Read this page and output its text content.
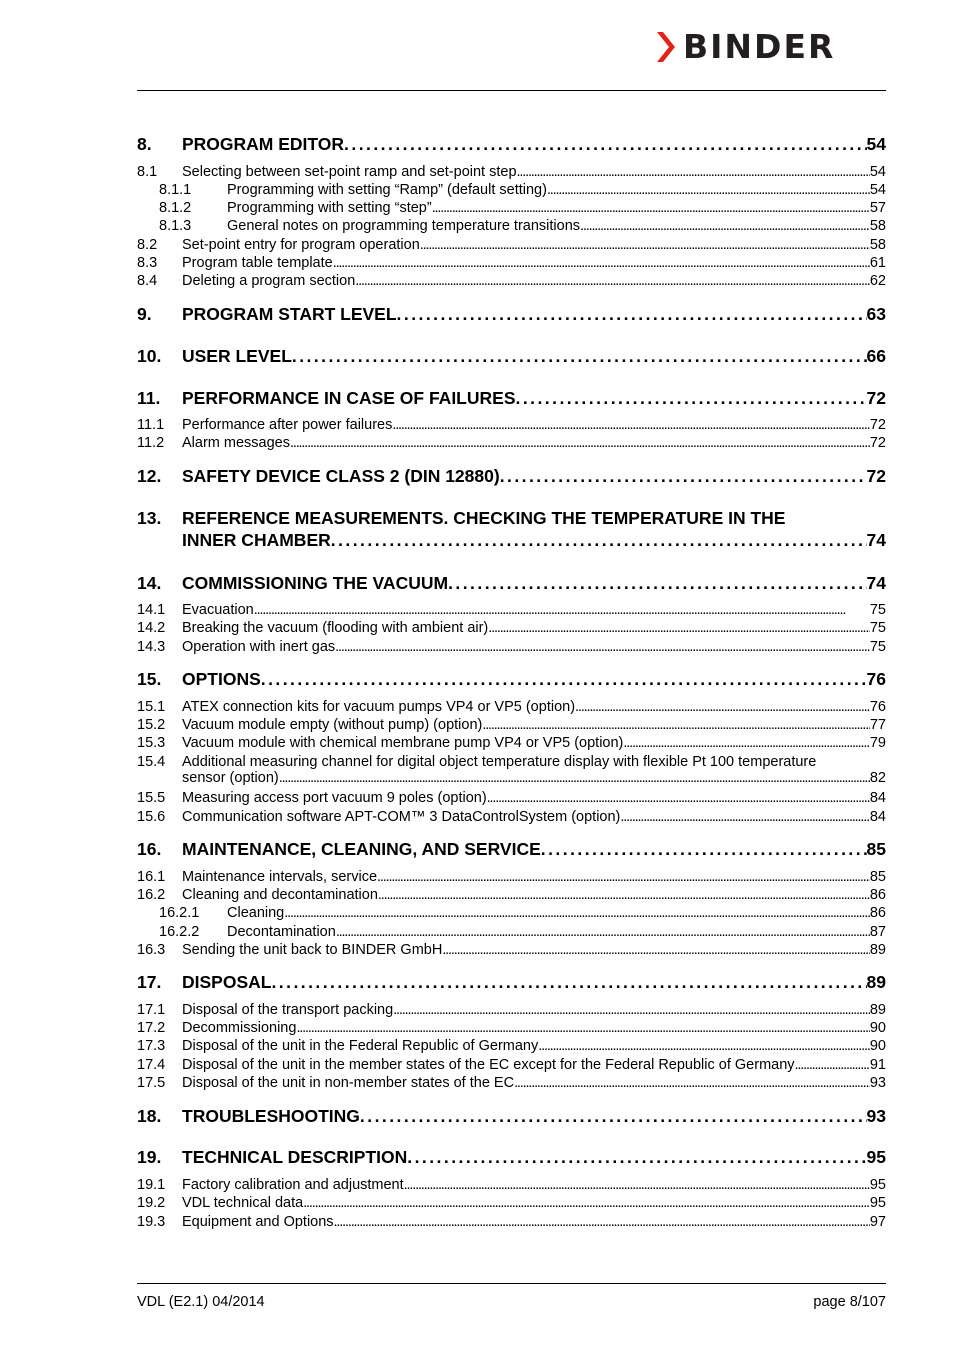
BINDER
8.	PROGRAM EDITOR . . .	54
8.1	Selecting between set-point ramp and set-point step . . .	54
8.1.1	Programming with setting “Ramp” (default setting) . . .	54
8.1.2	Programming with setting “step” . . .	57
8.1.3	General notes on programming temperature transitions . . .	58
8.2	Set-point entry for program operation . . .	58
8.3	Program table template . . .	61
8.4	Deleting a program section . . .	62
9.	PROGRAM START LEVEL . . .	63
10.	USER LEVEL . . .	66
11.	PERFORMANCE IN CASE OF FAILURES . . .	72
11.1	Performance after power failures . . .	72
11.2	Alarm messages . . .	72
12.	SAFETY DEVICE CLASS 2 (DIN 12880) . . .	72
13.	REFERENCE MEASUREMENTS. CHECKING THE TEMPERATURE IN THE
INNER CHAMBER . . .	74
14.	COMMISSIONING THE VACUUM . . .	74
14.1	Evacuation . . .	75
14.2	Breaking the vacuum (flooding with ambient air) . . .	75
14.3	Operation with inert gas . . .	75
15.	OPTIONS . . .	76
15.1	ATEX connection kits for vacuum pumps VP4 or VP5 (option) . . .	76
15.2	Vacuum module empty (without pump) (option) . . .	77
15.3	Vacuum module with chemical membrane pump VP4 or VP5 (option) . . .	79
15.4	Additional measuring channel for digital object temperature display with flexible Pt 100 temperature
sensor (option) . . .	82
15.5	Measuring access port vacuum 9 poles (option) . . .	84
15.6	Communication software APT-COM™ 3 DataControlSystem (option) . . .	84
16.	MAINTENANCE, CLEANING, AND SERVICE . . .	85
16.1	Maintenance intervals, service . . .	85
16.2	Cleaning and decontamination . . .	86
16.2.1	Cleaning . . .	86
16.2.2	Decontamination . . .	87
16.3	Sending the unit back to BINDER GmbH . . .	89
17.	DISPOSAL . . .	89
17.1	Disposal of the transport packing . . .	89
17.2	Decommissioning . . .	90
17.3	Disposal of the unit in the Federal Republic of Germany . . .	90
17.4	Disposal of the unit in the member states of the EC except for the Federal Republic of Germany . . .	91
17.5	Disposal of the unit in non-member states of the EC . . .	93
18.	TROUBLESHOOTING . . .	93
19.	TECHNICAL DESCRIPTION . . .	95
19.1	Factory calibration and adjustment . . .	95
19.2	VDL technical data . . .	95
19.3	Equipment and Options . . .	97
VDL (E2.1) 04/2014	page 8/107
